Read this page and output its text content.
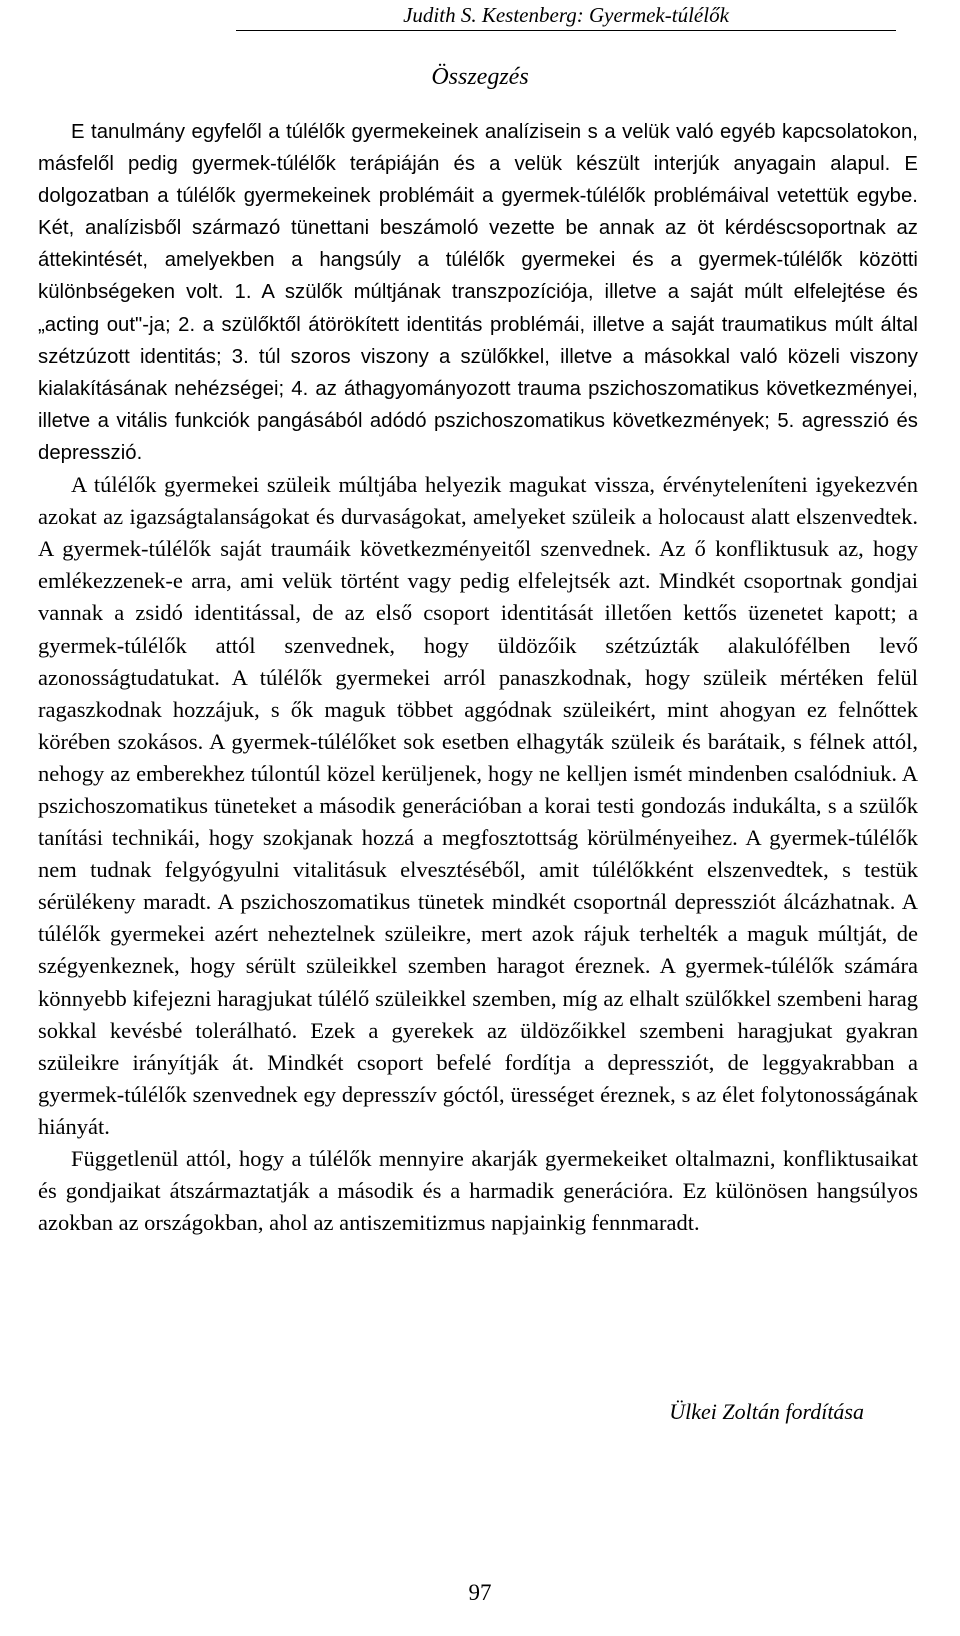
Judith S. Kestenberg: Gyermek-túlélők
Összegzés

E tanulmány egyfelől a túlélők gyermekeinek analízisein s a velük való egyéb kapcsolatokon, másfelől pedig gyermek-túlélők terápiáján és a velük készült interjúk anyagain alapul. E dolgozatban a túlélők gyermekeinek problémáit a gyermek-túlélők problémáival vetettük egybe. Két, analízisből származó tünettani beszámoló vezette be annak az öt kérdéscsoportnak az áttekintését, amelyekben a hangsúly a túlélők gyermekei és a gyermek-túlélők közötti különbségeken volt. 1. A szülők múltjának transzpozíciója, illetve a saját múlt elfelejtése és „acting out"-ja; 2. a szülőktől átörökített identitás problémái, illetve a saját traumatikus múlt által szétzúzott identitás; 3. túl szoros viszony a szülőkkel, illetve a másokkal való közeli viszony kialakításának nehézségei; 4. az áthagyományozott trauma pszichoszomatikus következményei, illetve a vitális funkciók pangásából adódó pszichoszomatikus következmények; 5. agresszió és depresszió.

A túlélők gyermekei szüleik múltjába helyezik magukat vissza, érvényteleníteni igyekezvén azokat az igazságtalanságokat és durvaságokat, amelyeket szüleik a holocaust alatt elszenvedtek. A gyermek-túlélők saját traumáik következményeitől szenvednek. Az ő konfliktusuk az, hogy emlékezzenek-e arra, ami velük történt vagy pedig elfelejtsék azt. Mindkét csoportnak gondjai vannak a zsidó identitással, de az első csoport identitását illetően kettős üzenetet kapott; a gyermek-túlélők attól szenvednek, hogy üldözőik szétzúzták alakulófélben levő azonosságtudatukat. A túlélők gyermekei arról panaszkodnak, hogy szüleik mértéken felül ragaszkodnak hozzájuk, s ők maguk többet aggódnak szüleikért, mint ahogyan ez felnőttek körében szokásos. A gyermek-túlélőket sok esetben elhagyták szüleik és barátaik, s félnek attól, nehogy az emberekhez túlontúl közel kerüljenek, hogy ne kelljen ismét mindenben csalódniuk. A pszichoszomatikus tüneteket a második generációban a korai testi gondozás indukálta, s a szülők tanítási technikái, hogy szokjanak hozzá a megfosztottság körülményeihez. A gyermek-túlélők nem tudnak felgyógyulni vitalitásuk elvesztéséből, amit túlélőkként elszenvedtek, s testük sérülékeny maradt. A pszichoszomatikus tünetek mindkét csoportnál depressziót álcázhatnak. A túlélők gyermekei azért neheztelnek szüleikre, mert azok rájuk terhelték a maguk múltját, de szégyenkeznek, hogy sérült szüleikkel szemben haragot éreznek. A gyermek-túlélők számára könnyebb kifejezni haragjukat túlélő szüleikkel szemben, míg az elhalt szülőkkel szembeni harag sokkal kevésbé tolerálható. Ezek a gyerekek az üldözőikkel szembeni haragjukat gyakran szüleikre irányítják át. Mindkét csoport befelé fordítja a depressziót, de leggyakrabban a gyermek-túlélők szenvednek egy depresszív góctól, ürességet éreznek, s az élet folytonosságának hiányát.

Függetlenül attól, hogy a túlélők mennyire akarják gyermekeiket oltalmazni, konfliktusaikat és gondjaikat átszármaztatják a második és a harmadik generációra. Ez különösen hangsúlyos azokban az országokban, ahol az antiszemitizmus napjainkig fennmaradt.

Ülkei Zoltán fordítása
97
